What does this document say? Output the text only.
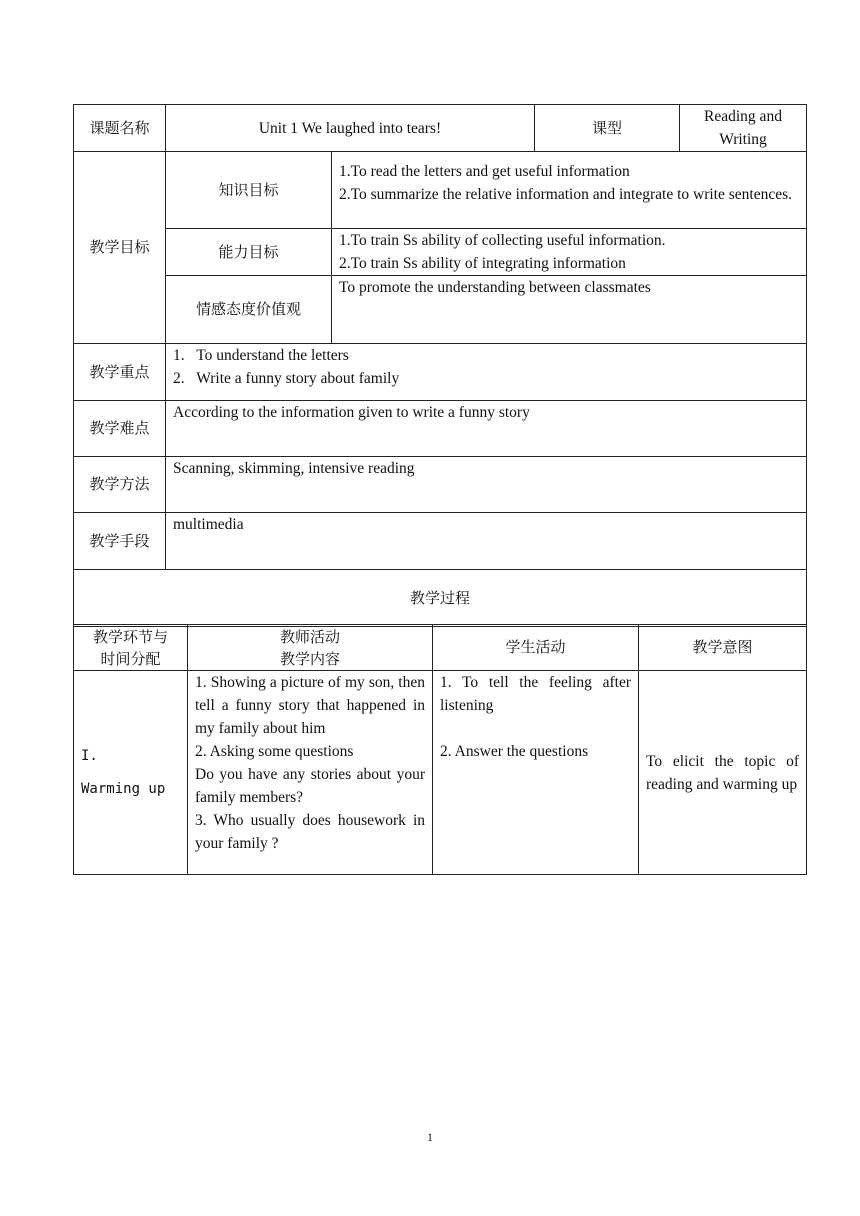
课题名称	Unit 1 We laughed into tears!		课型	Reading and
Writing

教学目标	知识目标	1.To read the letters and get useful information
2.To summarize the relative information and integrate to write sentences.		

	能力目标	1.To train Ss ability of collecting useful information.
2.To train Ss ability of integrating information		

	情感态度价值观	To promote the understanding between classmates		
教学重点	1. To understand the letters
2. Write a funny story about family			

教学难点	According to the information given to write a funny story			
教学方法	Scanning, skimming, intensive reading			
教学手段	multimedia			
教学过程				
教学环节与
时间分配	教师活动
教学内容	学生活动	教学意图

I.
Warming up	1. Showing a picture of my son, then tell a funny story that happened in my family about him
2. Asking some questions
Do you have any stories about your family members?
3. Who usually does housework in your family ?	1. To tell the feeling after listening
2. Answer the questions	To elicit the topic of reading and warming up
1
